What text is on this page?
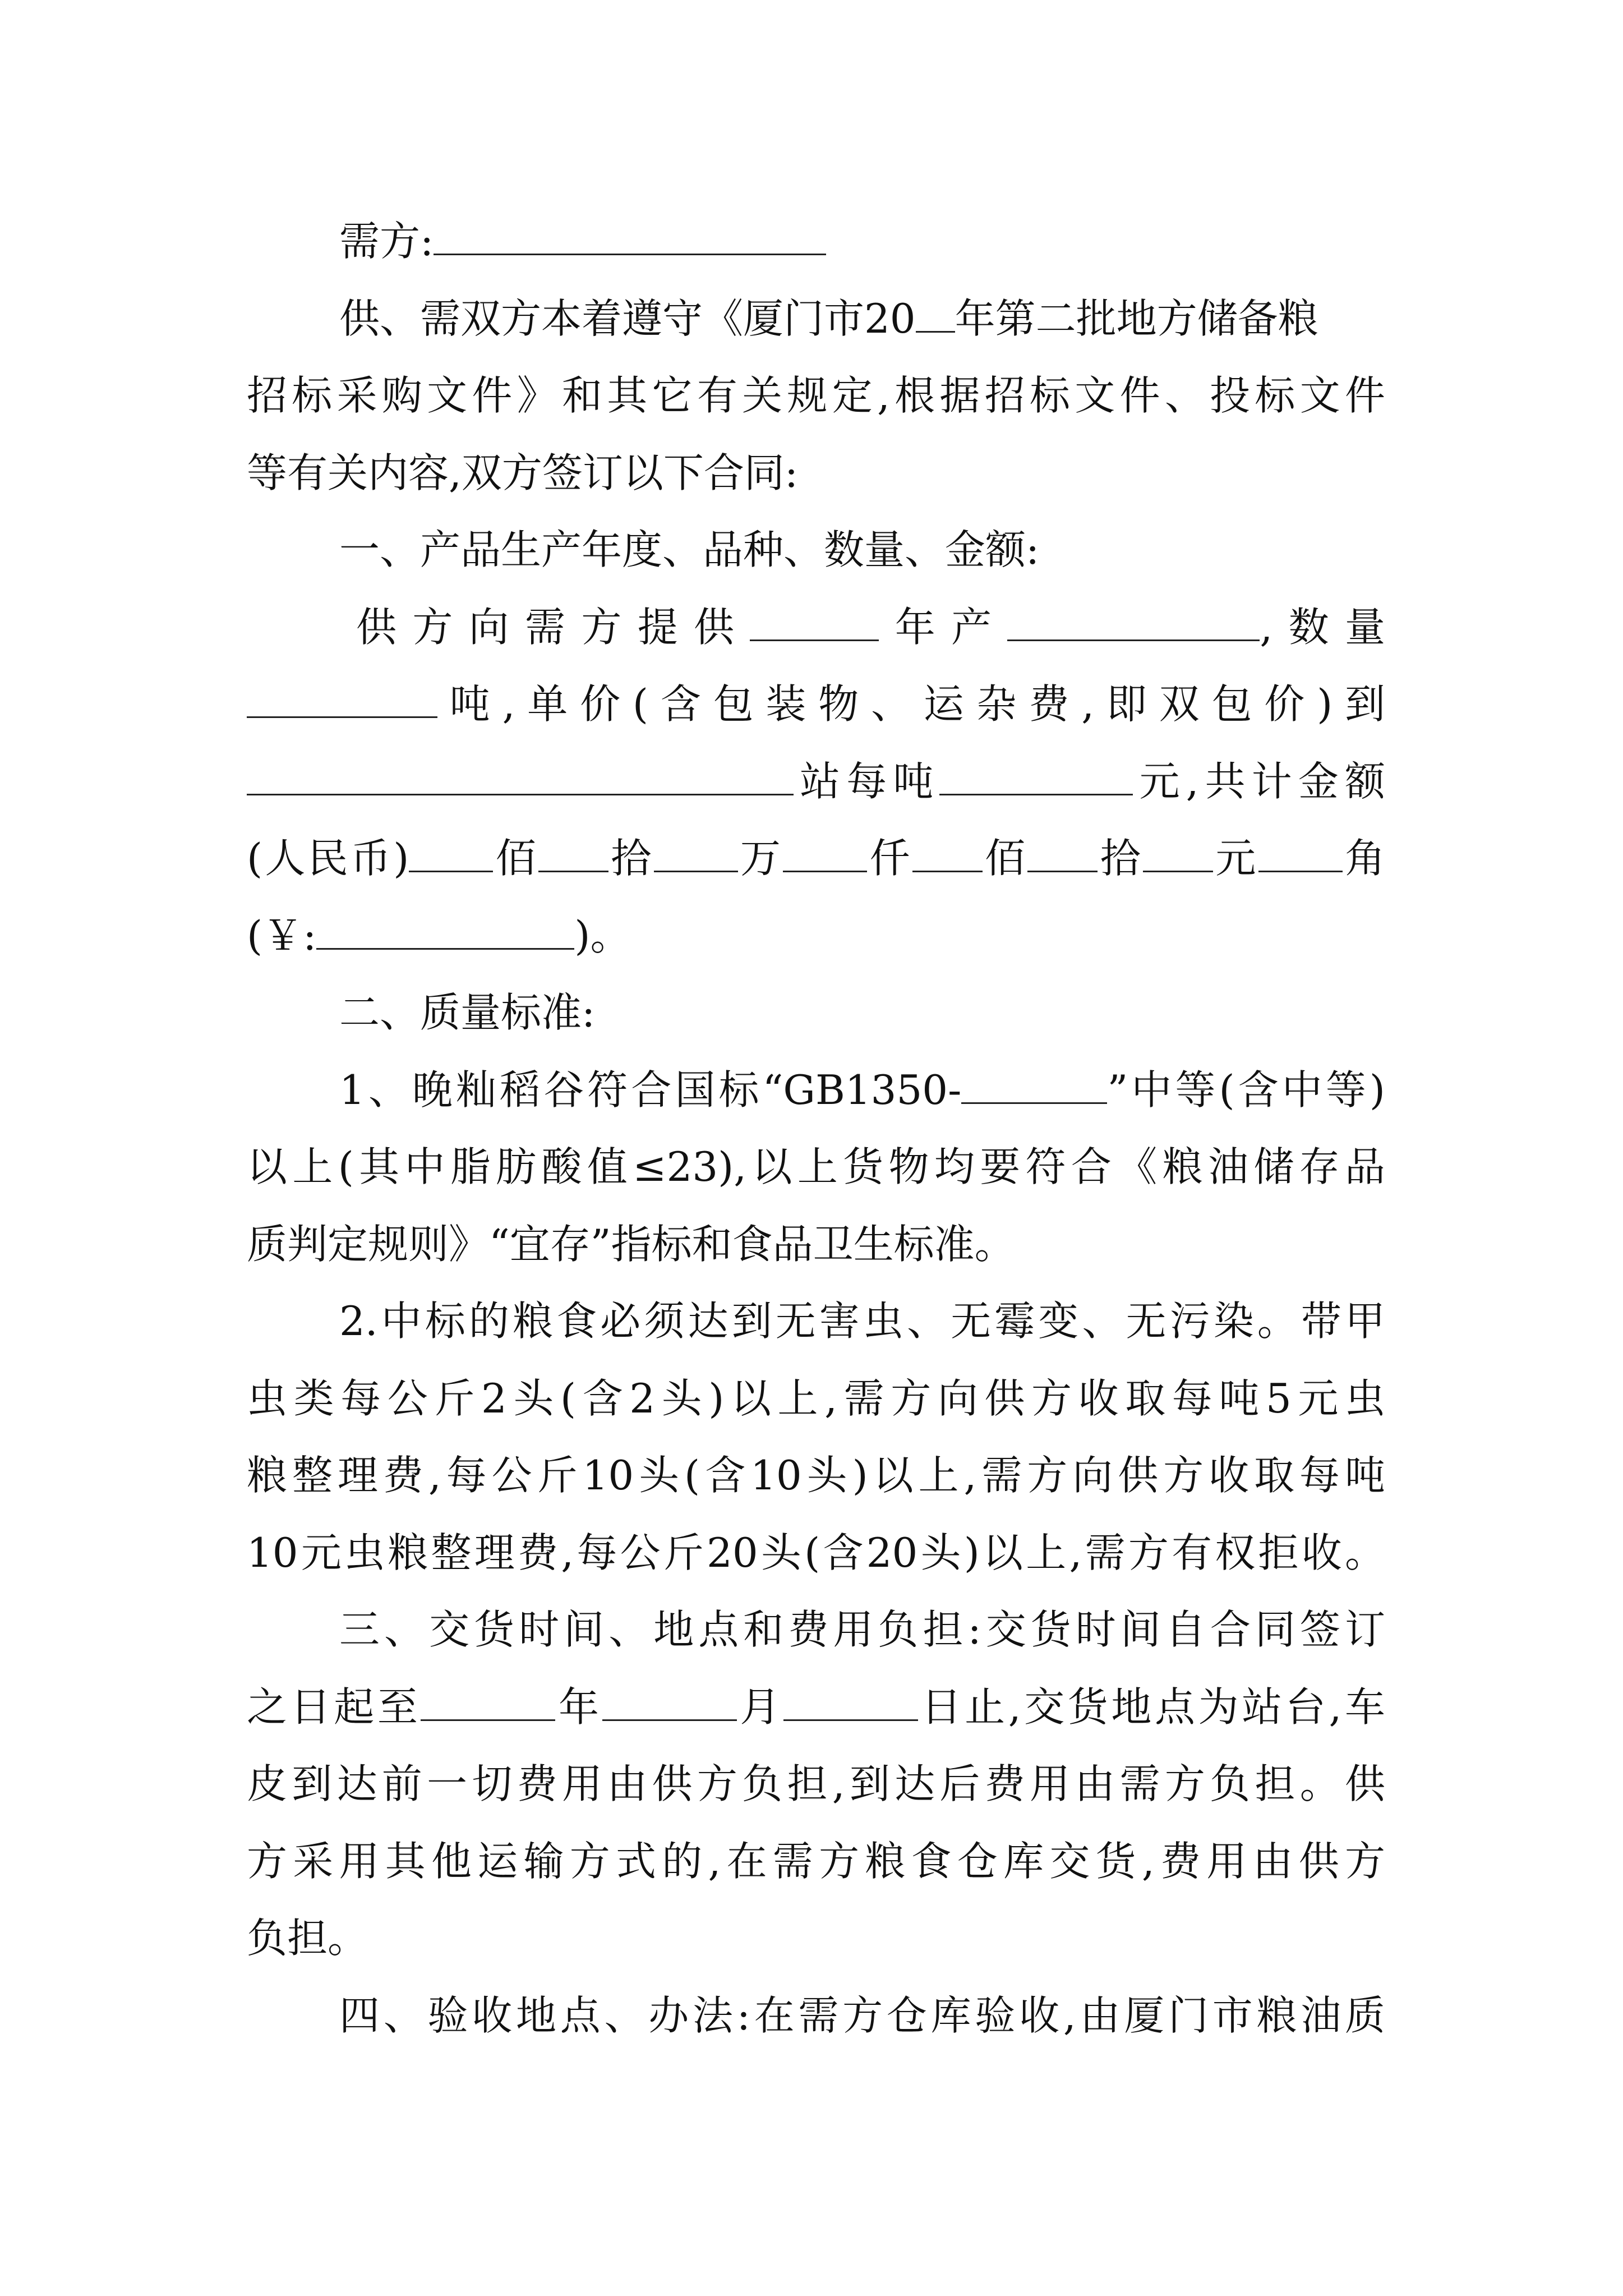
需方:
供、需双方本着遵守《厦门市20 年第二批地方储备粮
招标采购文件》和其它有关规定,根据招标文件、投标文件
等有关内容,双方签订以下合同:
一、产品生产年度、品种、数量、金额:
供方向需方提供	年产	,数量
吨,单价(含包装物、运杂费,即双包价)到
站每吨	元,共计金额
(人民币) 佰 拾 万 仟 佰 拾 元 角
(￥:	)。
二、质量标准:
1、晚籼稻谷符合国标“GB1350-	”中等(含中等)
以上(其中脂肪酸值≤23),以上货物均要符合《粮油储存品
质判定规则》“宜存”指标和食品卫生标准。
2.中标的粮食必须达到无害虫、无霉变、无污染。带甲
虫类每公斤2头(含2头)以上,需方向供方收取每吨5元虫
粮整理费,每公斤10头(含10头)以上,需方向供方收取每吨
10元虫粮整理费,每公斤20头(含20头)以上,需方有权拒收。
三、交货时间、地点和费用负担:交货时间自合同签订
之日起至	年	月	日止,交货地点为站台,车
皮到达前一切费用由供方负担,到达后费用由需方负担。供
方采用其他运输方式的,在需方粮食仓库交货,费用由供方
负担。
四、验收地点、办法:在需方仓库验收,由厦门市粮油质
